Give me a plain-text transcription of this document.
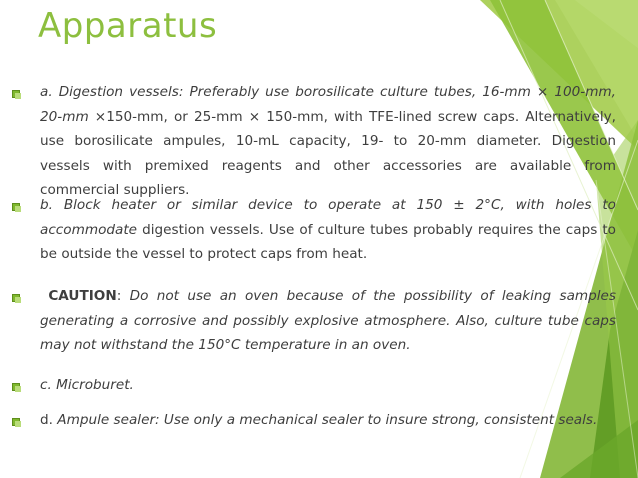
Apparatus
a. Digestion vessels: Preferably use borosilicate culture tubes, 16-mm × 100-mm, 20-mm ×150-mm, or 25-mm × 150-mm, with TFE-lined screw caps. Alternatively, use borosilicate ampules, 10-mL capacity, 19- to 20-mm diameter. Digestion vessels with premixed reagents and other accessories are available from commercial suppliers.
b. Block heater or similar device to operate at 150 ± 2°C, with holes to accommodate digestion vessels. Use of culture tubes probably requires the caps to be outside the vessel to protect caps from heat.
CAUTION: Do not use an oven because of the possibility of leaking samples generating a corrosive and possibly explosive atmosphere. Also, culture tube caps may not withstand the 150°C temperature in an oven.
c. Microburet.
d. Ampule sealer: Use only a mechanical sealer to insure strong, consistent seals.
